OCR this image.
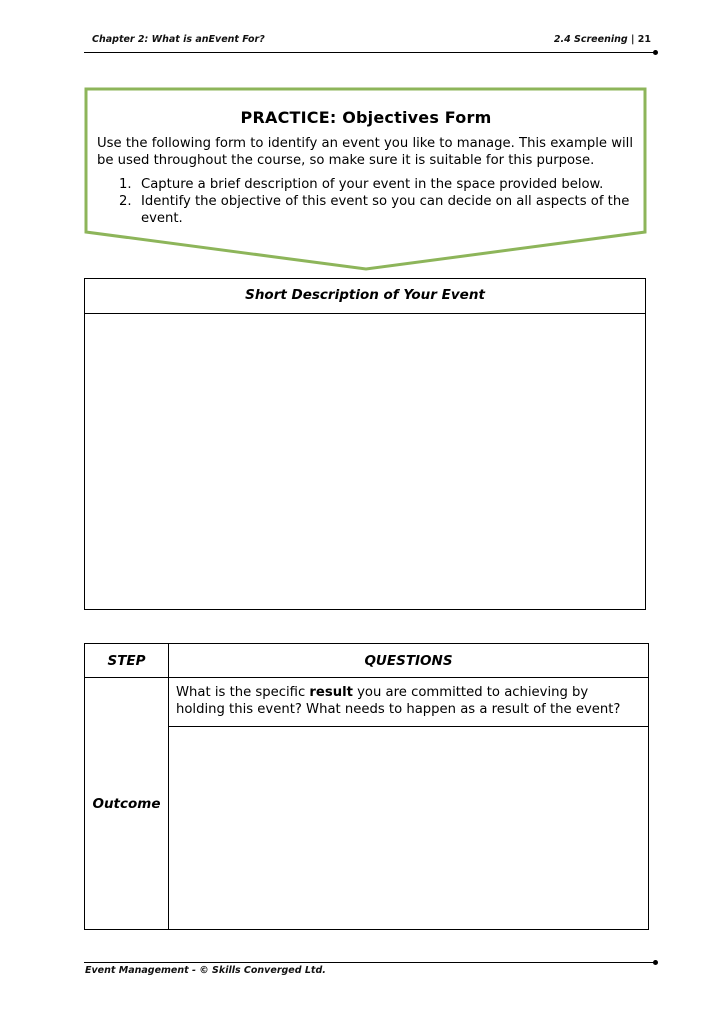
Chapter 2: What is anEvent For?	2.4 Screening | 21
PRACTICE: Objectives Form
Use the following form to identify an event you like to manage. This example will be used throughout the course, so make sure it is suitable for this purpose.
1. Capture a brief description of your event in the space provided below.
2. Identify the objective of this event so you can decide on all aspects of the event.
Short Description of Your Event
STEP	QUESTIONS
Outcome	What is the specific result you are committed to achieving by holding this event? What needs to happen as a result of the event?

Event Management - © Skills Converged Ltd.
